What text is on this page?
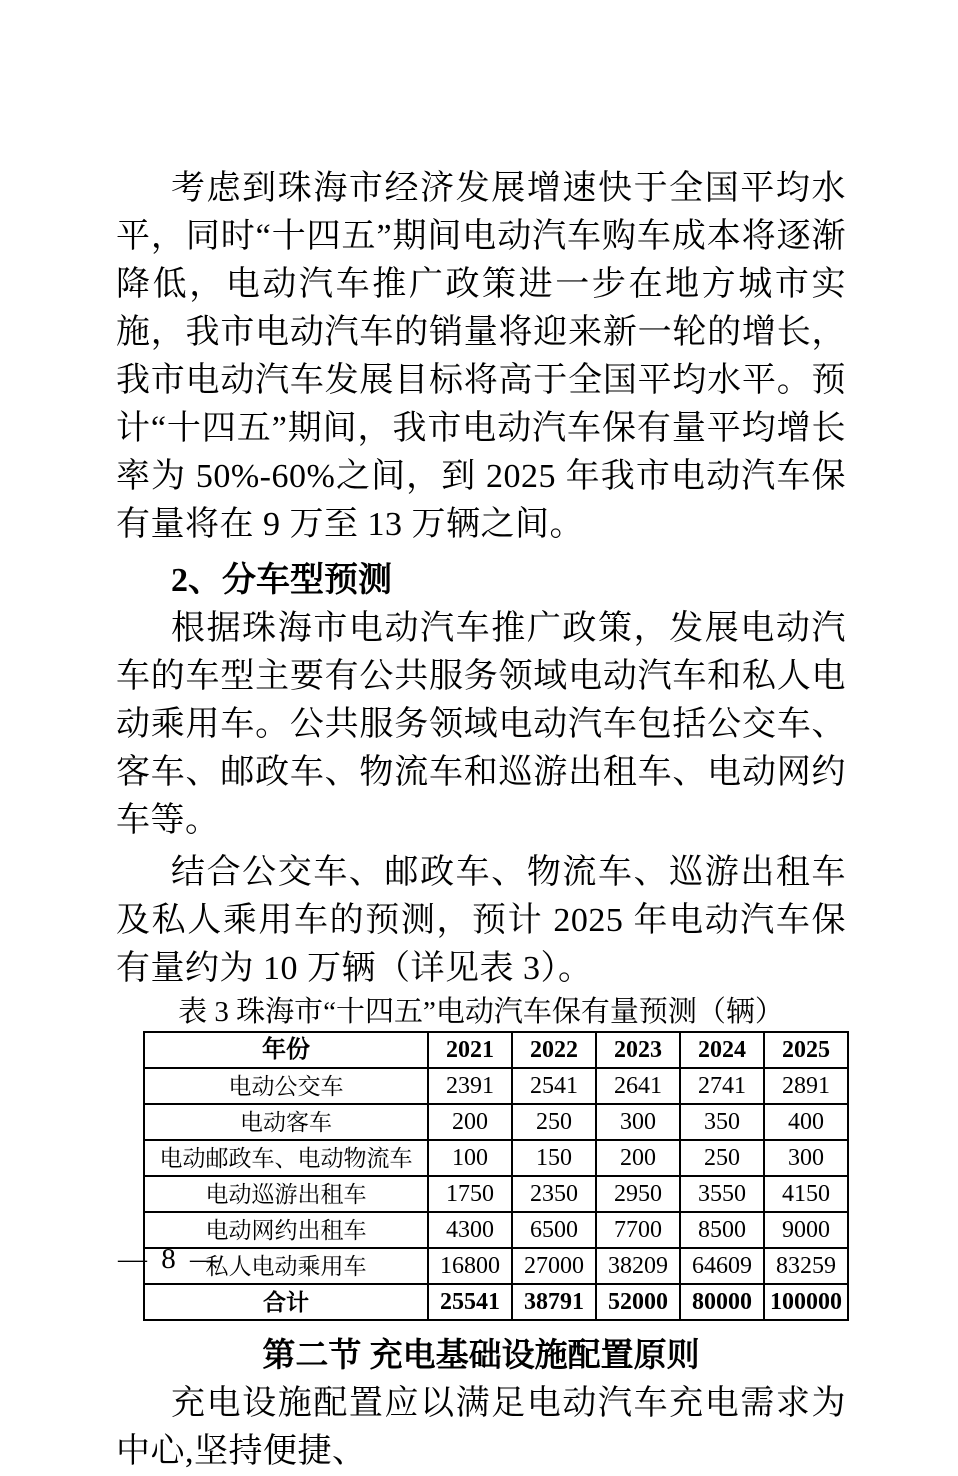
考虑到珠海市经济发展增速快于全国平均水平，同时“十四五”期间电动汽车购车成本将逐渐降低，电动汽车推广政策进一步在地方城市实施，我市电动汽车的销量将迎来新一轮的增长，我市电动汽车发展目标将高于全国平均水平。预计“十四五”期间，我市电动汽车保有量平均增长率为 50%-60%之间，到 2025 年我市电动汽车保有量将在 9 万至 13 万辆之间。

2、分车型预测

根据珠海市电动汽车推广政策，发展电动汽车的车型主要有公共服务领域电动汽车和私人电动乘用车。公共服务领域电动汽车包括公交车、客车、邮政车、物流车和巡游出租车、电动网约车等。

结合公交车、邮政车、物流车、巡游出租车及私人乘用车的预测，预计 2025 年电动汽车保有量约为 10 万辆（详见表 3）。

表 3 珠海市“十四五”电动汽车保有量预测（辆）
年份	2021	2022	2023	2024	2025
电动公交车	2391	2541	2641	2741	2891
电动客车	200	250	300	350	400
电动邮政车、电动物流车	100	150	200	250	300
电动巡游出租车	1750	2350	2950	3550	4150
电动网约出租车	4300	6500	7700	8500	9000
私人电动乘用车	16800	27000	38209	64609	83259
合计	25541	38791	52000	80000	100000
第二节 充电基础设施配置原则

充电设施配置应以满足电动汽车充电需求为中心,坚持便捷、

— 8 —
